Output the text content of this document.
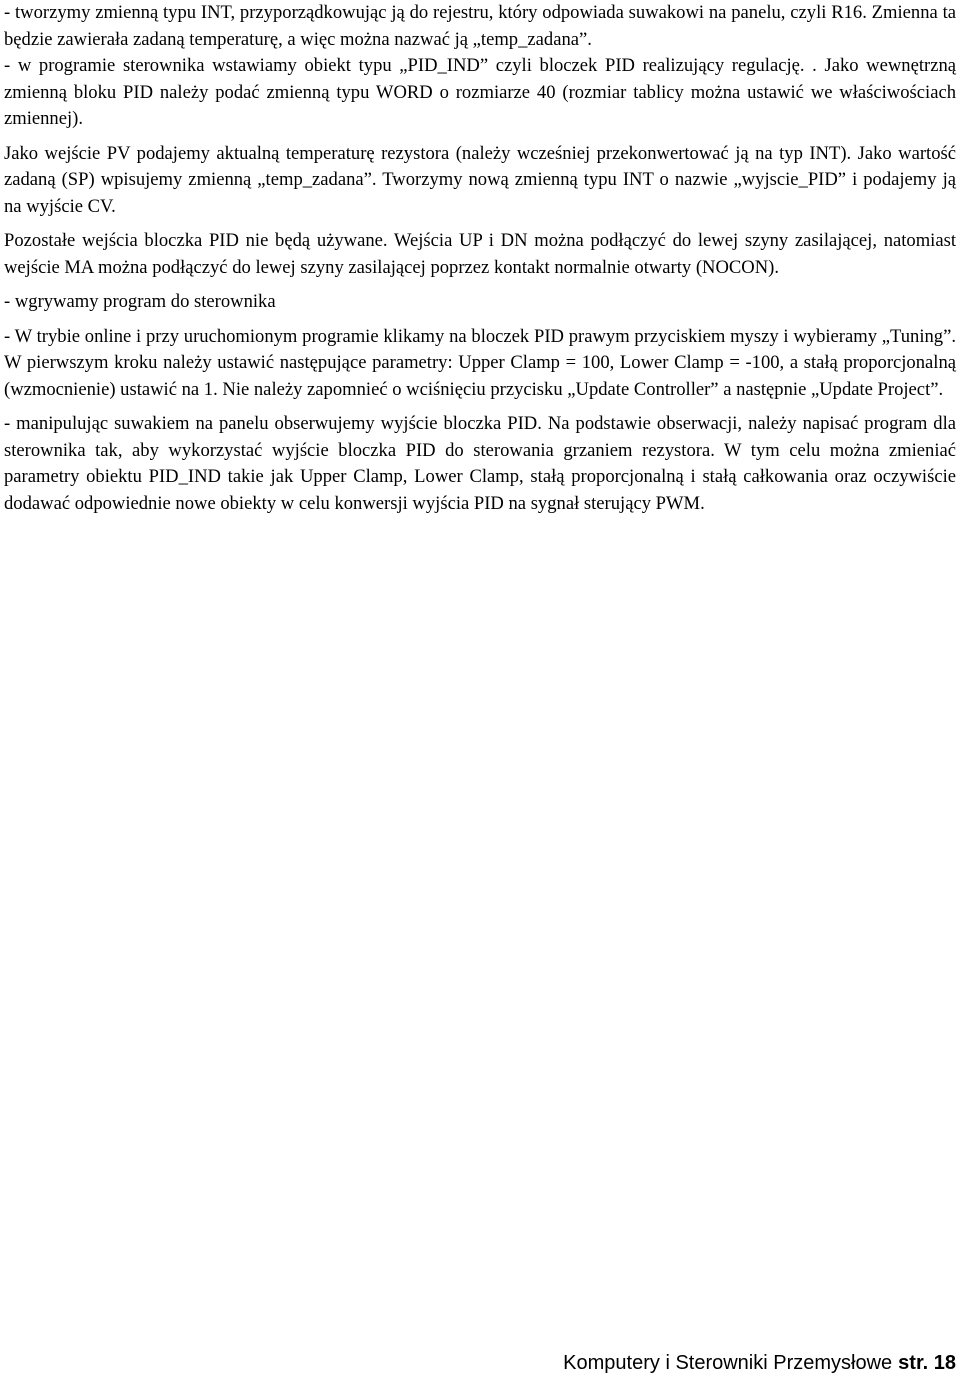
- tworzymy zmienną typu INT, przyporządkowując ją do rejestru, który odpowiada suwakowi na panelu, czyli R16. Zmienna ta będzie zawierała zadaną temperaturę, a więc można nazwać ją „temp_zadana”.

- w programie sterownika wstawiamy obiekt typu „PID_IND” czyli bloczek PID realizujący regulację. . Jako wewnętrzną zmienną bloku PID należy podać zmienną typu WORD o rozmiarze 40 (rozmiar tablicy można ustawić we właściwościach zmiennej).

Jako wejście PV podajemy aktualną temperaturę rezystora (należy wcześniej przekonwertować ją na typ INT). Jako wartość zadaną (SP) wpisujemy zmienną „temp_zadana”. Tworzymy nową zmienną typu INT o nazwie „wyjscie_PID” i podajemy ją na wyjście CV.

Pozostałe wejścia bloczka PID nie będą używane. Wejścia UP i DN można podłączyć do lewej szyny zasilającej, natomiast wejście MA można podłączyć do lewej szyny zasilającej poprzez kontakt normalnie otwarty (NOCON).

- wgrywamy program do sterownika

- W trybie online i przy uruchomionym programie klikamy na bloczek PID prawym przyciskiem myszy i wybieramy „Tuning”. W pierwszym kroku należy ustawić następujące parametry: Upper Clamp = 100, Lower Clamp = -100, a stałą proporcjonalną (wzmocnienie) ustawić na 1. Nie należy zapomnieć o wciśnięciu przycisku „Update Controller” a następnie „Update Project”.

- manipulując suwakiem na panelu obserwujemy wyjście bloczka PID. Na podstawie obserwacji, należy napisać program dla sterownika tak, aby wykorzystać wyjście bloczka PID do sterowania grzaniem rezystora. W tym celu można zmieniać parametry obiektu PID_IND takie jak Upper Clamp, Lower Clamp, stałą proporcjonalną i stałą całkowania oraz oczywiście dodawać odpowiednie nowe obiekty w celu konwersji wyjścia PID na sygnał sterujący PWM.

Komputery i Sterowniki Przemysłowe str. 18
